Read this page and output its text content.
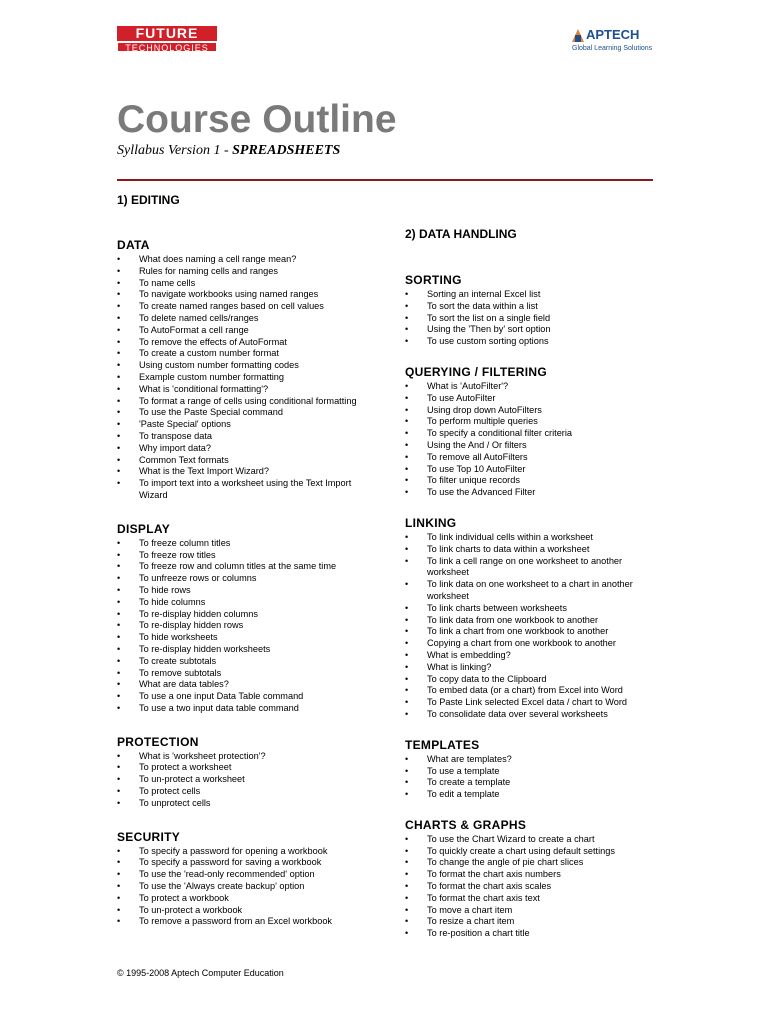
FUTURE
TECHNOLOGIES
APTECH
Global Learning Solutions
Course Outline
Syllabus Version 1 - SPREADSHEETS
1) EDITING
2) DATA HANDLING
DATA
• What does naming a cell range mean?
• Rules for naming cells and ranges
• To name cells
• To navigate workbooks using named ranges
• To create named ranges based on cell values
• To delete named cells/ranges
• To AutoFormat a cell range
• To remove the effects of AutoFormat
• To create a custom number format
• Using custom number formatting codes
• Example custom number formatting
• What is 'conditional formatting'?
• To format a range of cells using conditional formatting
• To use the Paste Special command
• 'Paste Special' options
• To transpose data
• Why import data?
• Common Text formats
• What is the Text Import Wizard?
• To import text into a worksheet using the Text Import Wizard
DISPLAY
• To freeze column titles
• To freeze row titles
• To freeze row and column titles at the same time
• To unfreeze rows or columns
• To hide rows
• To hide columns
• To re-display hidden columns
• To re-display hidden rows
• To hide worksheets
• To re-display hidden worksheets
• To create subtotals
• To remove subtotals
• What are data tables?
• To use a one input Data Table command
• To use a two input data table command
PROTECTION
• What is 'worksheet protection'?
• To protect a worksheet
• To un-protect a worksheet
• To protect cells
• To unprotect cells
SECURITY
• To specify a password for opening a workbook
• To specify a password for saving a workbook
• To use the 'read-only recommended' option
• To use the 'Always create backup' option
• To protect a workbook
• To un-protect a workbook
• To remove a password from an Excel workbook
SORTING
• Sorting an internal Excel list
• To sort the data within a list
• To sort the list on a single field
• Using the 'Then by' sort option
• To use custom sorting options
QUERYING / FILTERING
• What is 'AutoFilter'?
• To use AutoFilter
• Using drop down AutoFilters
• To perform multiple queries
• To specify a conditional filter criteria
• Using the And / Or filters
• To remove all AutoFilters
• To use Top 10 AutoFilter
• To filter unique records
• To use the Advanced Filter
LINKING
• To link individual cells within a worksheet
• To link charts to data within a worksheet
• To link a cell range on one worksheet to another worksheet
• To link data on one worksheet to a chart in another worksheet
• To link charts between worksheets
• To link data from one workbook to another
• To link a chart from one workbook to another
• Copying a chart from one workbook to another
• What is embedding?
• What is linking?
• To copy data to the Clipboard
• To embed data (or a chart) from Excel into Word
• To Paste Link selected Excel data / chart to Word
• To consolidate data over several worksheets
TEMPLATES
• What are templates?
• To use a template
• To create a template
• To edit a template
CHARTS & GRAPHS
• To use the Chart Wizard to create a chart
• To quickly create a chart using default settings
• To change the angle of pie chart slices
• To format the chart axis numbers
• To format the chart axis scales
• To format the chart axis text
• To move a chart item
• To resize a chart item
• To re-position a chart title
© 1995-2008 Aptech Computer Education
